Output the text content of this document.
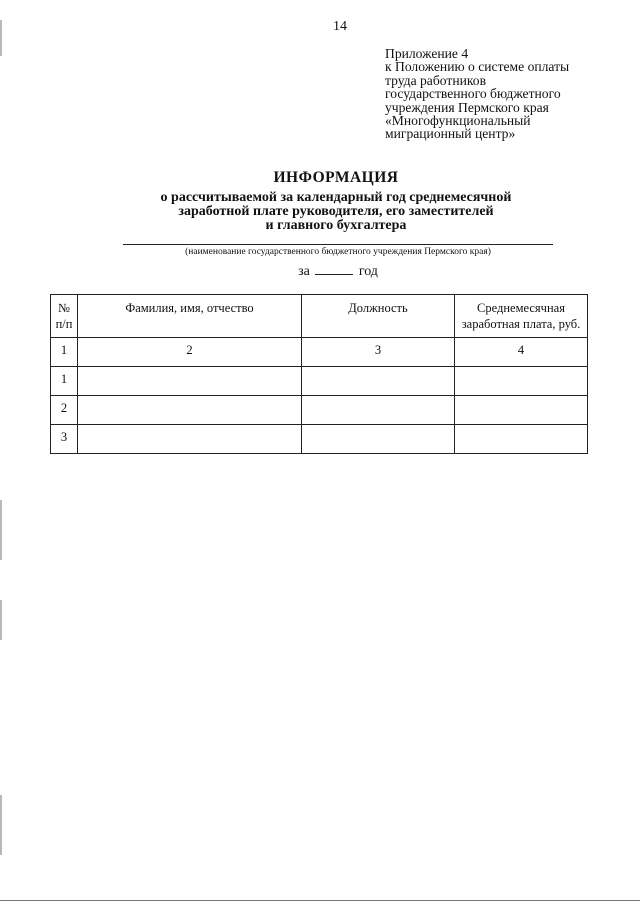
14
Приложение 4
к Положению о системе оплаты
труда работников
государственного бюджетного
учреждения Пермского края
«Многофункциональный
миграционный центр»
ИНФОРМАЦИЯ
о рассчитываемой за календарный год среднемесячной
заработной плате руководителя, его заместителей
и главного бухгалтера
(наименование государственного бюджетного учреждения Пермского края)
за	год
№ п/п	Фамилия, имя, отчество	Должность	Среднемесячная заработная плата, руб.
1	2	3	4
1			
2			
3			
